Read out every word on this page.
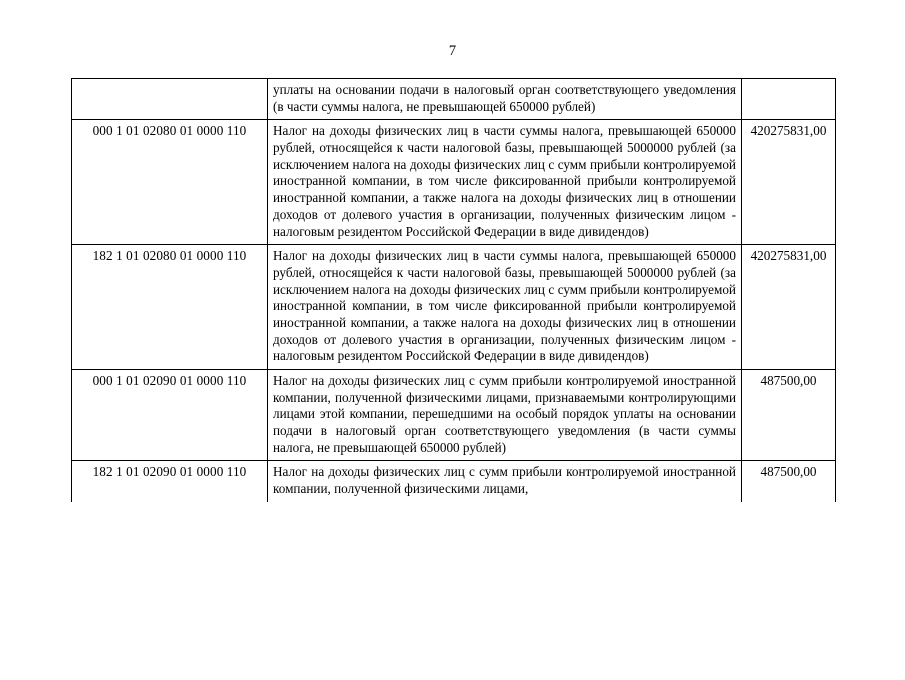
7
	уплаты на основании подачи в налоговый орган соответствующего уведомления (в части суммы налога, не превышающей 650000 рублей)	
000 1 01 02080 01 0000 110	Налог на доходы физических лиц в части суммы налога, превышающей 650000 рублей, относящейся к части налоговой базы, превышающей 5000000 рублей (за исключением налога на доходы физических лиц с сумм прибыли контролируемой иностранной компании, в том числе фиксированной прибыли контролируемой иностранной компании, а также налога на доходы физических лиц в отношении доходов от долевого участия в организации, полученных физическим лицом - налоговым резидентом Российской Федерации в виде дивидендов)	420275831,00
182 1 01 02080 01 0000 110	Налог на доходы физических лиц в части суммы налога, превышающей 650000 рублей, относящейся к части налоговой базы, превышающей 5000000 рублей (за исключением налога на доходы физических лиц с сумм прибыли контролируемой иностранной компании, в том числе фиксированной прибыли контролируемой иностранной компании, а также налога на доходы физических лиц в отношении доходов от долевого участия в организации, полученных физическим лицом - налоговым резидентом Российской Федерации в виде дивидендов)	420275831,00
000 1 01 02090 01 0000 110	Налог на доходы физических лиц с сумм прибыли контролируемой иностранной компании, полученной физическими лицами, признаваемыми контролирующими лицами этой компании, перешедшими на особый порядок уплаты на основании подачи в налоговый орган соответствующего уведомления (в части суммы налога, не превышающей 650000 рублей)	487500,00
182 1 01 02090 01 0000 110	Налог на доходы физических лиц с сумм прибыли контролируемой иностранной компании, полученной физическими лицами,	487500,00
